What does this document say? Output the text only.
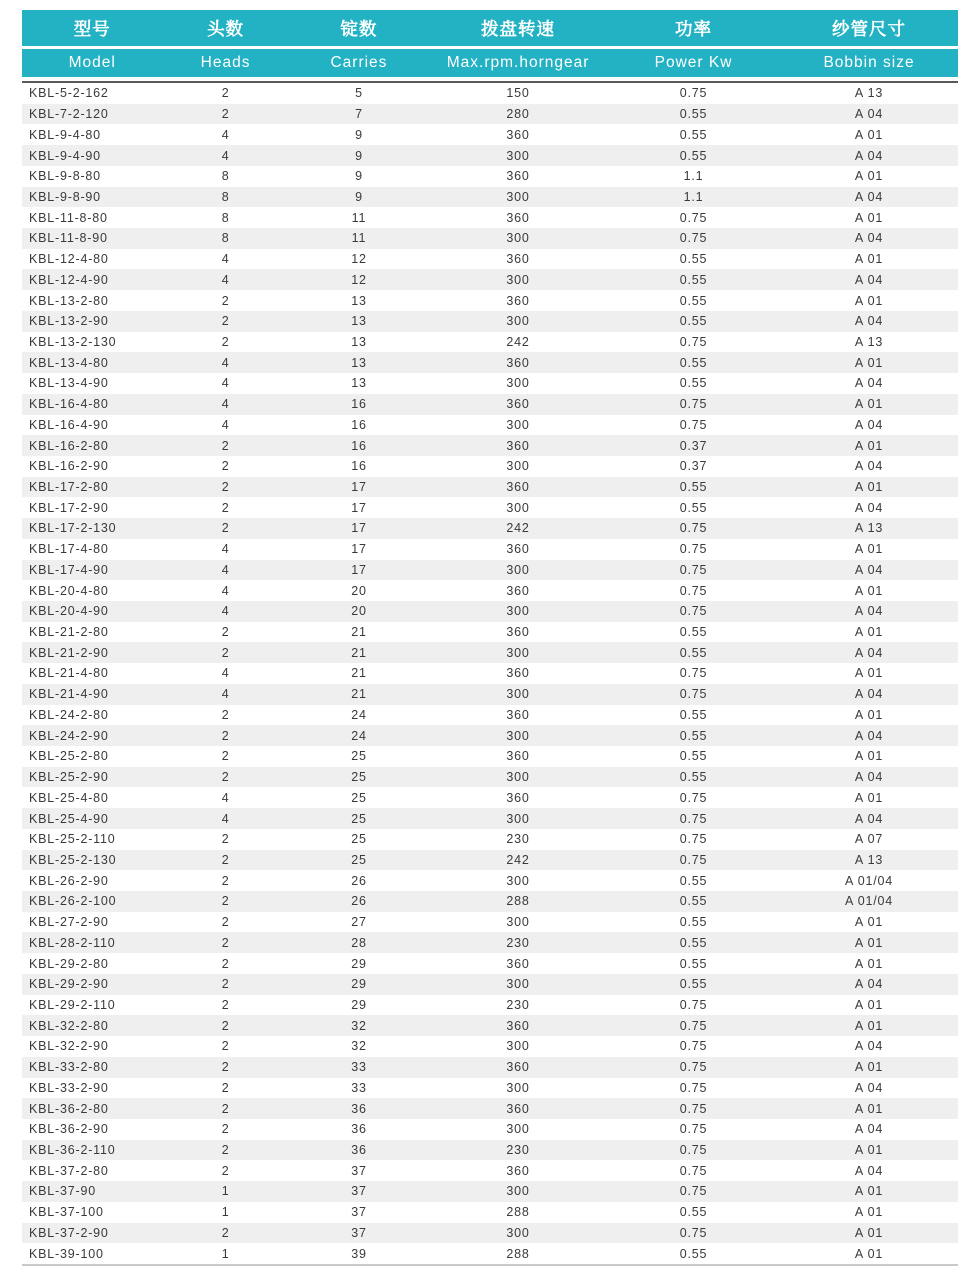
型号	头数	锭数	拨盘转速	功率	纱管尺寸
Model	Heads	Carries	Max.rpm.horngear	Power Kw	Bobbin size
KBL-5-2-162	2	5	150	0.75	A 13
KBL-7-2-120	2	7	280	0.55	A 04
KBL-9-4-80	4	9	360	0.55	A 01
KBL-9-4-90	4	9	300	0.55	A 04
KBL-9-8-80	8	9	360	1.1	A 01
KBL-9-8-90	8	9	300	1.1	A 04
KBL-11-8-80	8	11	360	0.75	A 01
KBL-11-8-90	8	11	300	0.75	A 04
KBL-12-4-80	4	12	360	0.55	A 01
KBL-12-4-90	4	12	300	0.55	A 04
KBL-13-2-80	2	13	360	0.55	A 01
KBL-13-2-90	2	13	300	0.55	A 04
KBL-13-2-130	2	13	242	0.75	A 13
KBL-13-4-80	4	13	360	0.55	A 01
KBL-13-4-90	4	13	300	0.55	A 04
KBL-16-4-80	4	16	360	0.75	A 01
KBL-16-4-90	4	16	300	0.75	A 04
KBL-16-2-80	2	16	360	0.37	A 01
KBL-16-2-90	2	16	300	0.37	A 04
KBL-17-2-80	2	17	360	0.55	A 01
KBL-17-2-90	2	17	300	0.55	A 04
KBL-17-2-130	2	17	242	0.75	A 13
KBL-17-4-80	4	17	360	0.75	A 01
KBL-17-4-90	4	17	300	0.75	A 04
KBL-20-4-80	4	20	360	0.75	A 01
KBL-20-4-90	4	20	300	0.75	A 04
KBL-21-2-80	2	21	360	0.55	A 01
KBL-21-2-90	2	21	300	0.55	A 04
KBL-21-4-80	4	21	360	0.75	A 01
KBL-21-4-90	4	21	300	0.75	A 04
KBL-24-2-80	2	24	360	0.55	A 01
KBL-24-2-90	2	24	300	0.55	A 04
KBL-25-2-80	2	25	360	0.55	A 01
KBL-25-2-90	2	25	300	0.55	A 04
KBL-25-4-80	4	25	360	0.75	A 01
KBL-25-4-90	4	25	300	0.75	A 04
KBL-25-2-110	2	25	230	0.75	A 07
KBL-25-2-130	2	25	242	0.75	A 13
KBL-26-2-90	2	26	300	0.55	A 01/04
KBL-26-2-100	2	26	288	0.55	A 01/04
KBL-27-2-90	2	27	300	0.55	A 01
KBL-28-2-110	2	28	230	0.55	A 01
KBL-29-2-80	2	29	360	0.55	A 01
KBL-29-2-90	2	29	300	0.55	A 04
KBL-29-2-110	2	29	230	0.75	A 01
KBL-32-2-80	2	32	360	0.75	A 01
KBL-32-2-90	2	32	300	0.75	A 04
KBL-33-2-80	2	33	360	0.75	A 01
KBL-33-2-90	2	33	300	0.75	A 04
KBL-36-2-80	2	36	360	0.75	A 01
KBL-36-2-90	2	36	300	0.75	A 04
KBL-36-2-110	2	36	230	0.75	A 01
KBL-37-2-80	2	37	360	0.75	A 04
KBL-37-90	1	37	300	0.75	A 01
KBL-37-100	1	37	288	0.55	A 01
KBL-37-2-90	2	37	300	0.75	A 01
KBL-39-100	1	39	288	0.55	A 01
